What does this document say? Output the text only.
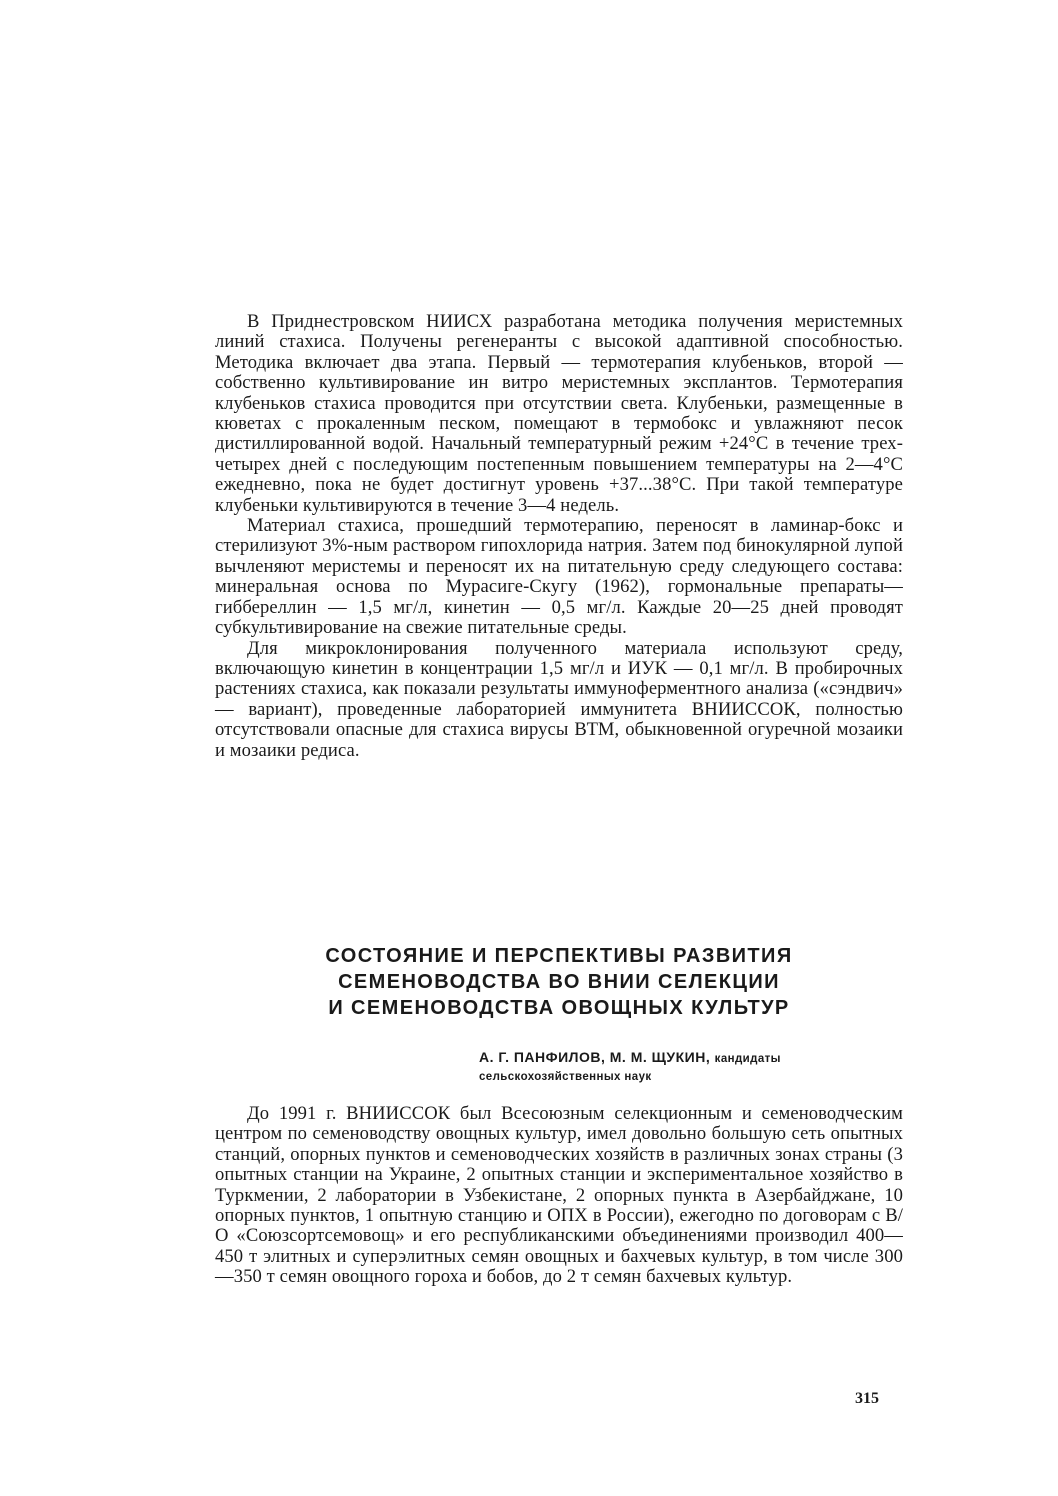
В Приднестровском НИИСХ разработана методика получения меристемных линий стахиса. Получены регенеранты с высокой адаптивной способностью. Методика включает два этапа. Первый — термотерапия клубеньков, второй — собственно культивирование ин витро меристемных эксплантов. Термотерапия клубеньков стахиса проводится при отсутствии света. Клубеньки, размещенные в кюветах с прокаленным песком, помещают в термобокс и увлажняют песок дистиллированной водой. Начальный температурный режим +24°С в течение трех-четырех дней с последующим постепенным повышением температуры на 2—4°С ежедневно, пока не будет достигнут уровень +37...38°С. При такой температуре клубеньки культивируются в течение 3—4 недель.

Материал стахиса, прошедший термотерапию, переносят в ламинар-бокс и стерилизуют 3%-ным раствором гипохлорида натрия. Затем под бинокулярной лупой вычленяют меристемы и переносят их на питательную среду следующего состава: минеральная основа по Мурасиге-Скугу (1962), гормональные препараты— гиббереллин — 1,5 мг/л, кинетин — 0,5 мг/л. Каждые 20—25 дней проводят субкультивирование на свежие питательные среды.

Для микроклонирования полученного материала используют среду, включающую кинетин в концентрации 1,5 мг/л и ИУК — 0,1 мг/л. В пробирочных растениях стахиса, как показали результаты иммуноферментного анализа («сэндвич» — вариант), проведенные лабораторией иммунитета ВНИИССОК, полностью отсутствовали опасные для стахиса вирусы ВТМ, обыкновенной огуречной мозаики и мозаики редиса.

СОСТОЯНИЕ И ПЕРСПЕКТИВЫ РАЗВИТИЯ
СЕМЕНОВОДСТВА ВО ВНИИ СЕЛЕКЦИИ
И СЕМЕНОВОДСТВА ОВОЩНЫХ КУЛЬТУР
А. Г. ПАНФИЛОВ, М. М. ЩУКИН, кандидаты
сельскохозяйственных наук

До 1991 г. ВНИИССОК был Всесоюзным селекционным и семеноводческим центром по семеноводству овощных культур, имел довольно большую сеть опытных станций, опорных пунктов и семеноводческих хозяйств в различных зонах страны (3 опытных станции на Украине, 2 опытных станции и экспериментальное хозяйство в Туркмении, 2 лаборатории в Узбекистане, 2 опорных пункта в Азербайджане, 10 опорных пунктов, 1 опытную станцию и ОПХ в России), ежегодно по договорам с В/О «Союзсортсемовощ» и его республиканскими объединениями производил 400—450 т элитных и суперэлитных семян овощных и бахчевых культур, в том числе 300—350 т семян овощного гороха и бобов, до 2 т семян бахчевых культур.

315
